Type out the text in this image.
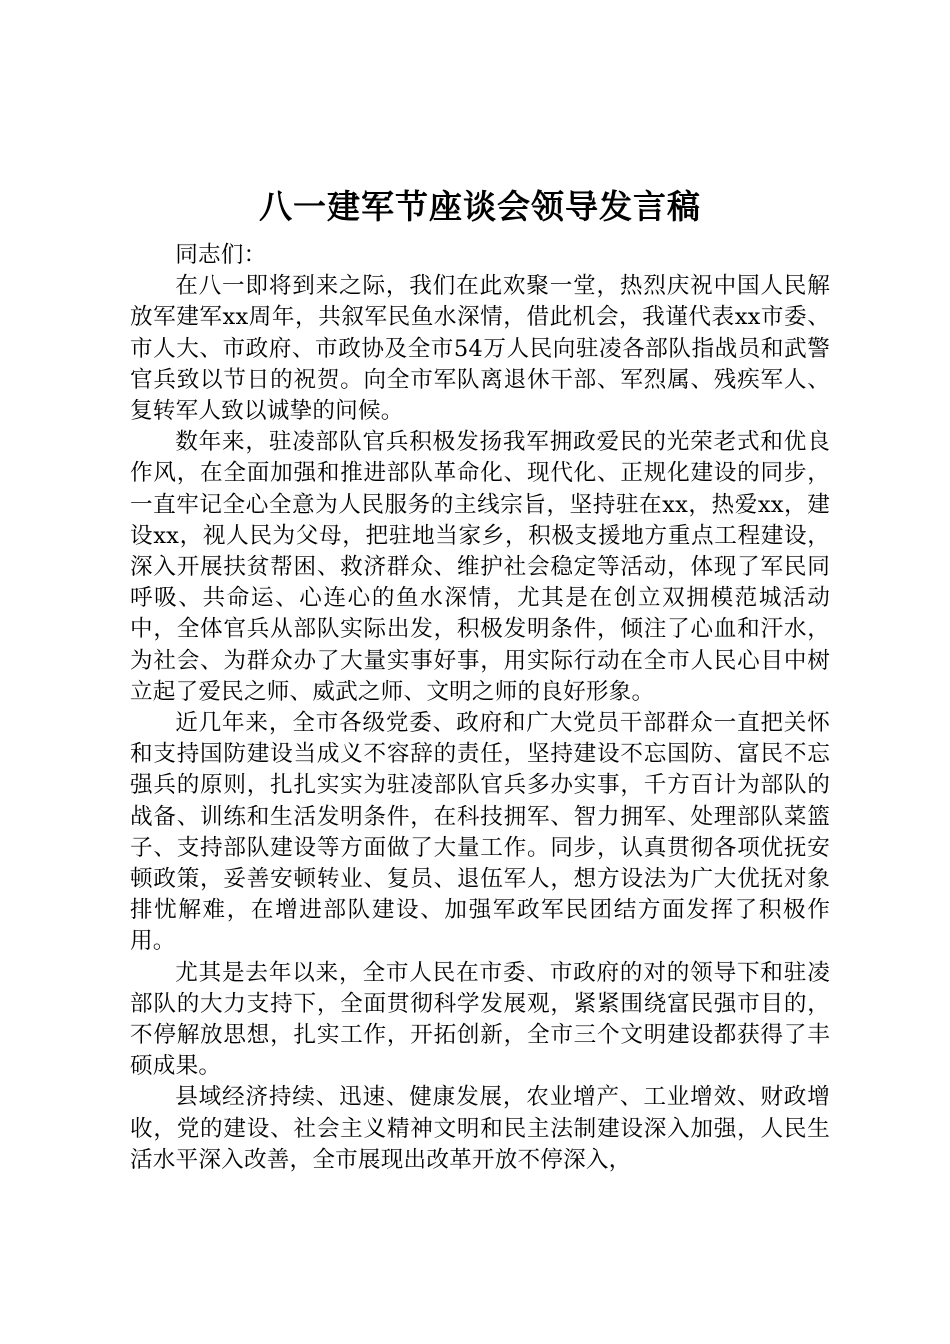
八一建军节座谈会领导发言稿

同志们：

在八一即将到来之际，我们在此欢聚一堂，热烈庆祝中国人民解放军建军xx周年，共叙军民鱼水深情，借此机会，我谨代表xx市委、市人大、市政府、市政协及全市54万人民向驻凌各部队指战员和武警官兵致以节日的祝贺。向全市军队离退休干部、军烈属、残疾军人、复转军人致以诚挚的问候。

数年来，驻凌部队官兵积极发扬我军拥政爱民的光荣老式和优良作风，在全面加强和推进部队革命化、现代化、正规化建设的同步，一直牢记全心全意为人民服务的主线宗旨，坚持驻在xx，热爱xx，建设xx，视人民为父母，把驻地当家乡，积极支援地方重点工程建设，深入开展扶贫帮困、救济群众、维护社会稳定等活动，体现了军民同呼吸、共命运、心连心的鱼水深情，尤其是在创立双拥模范城活动中，全体官兵从部队实际出发，积极发明条件，倾注了心血和汗水，为社会、为群众办了大量实事好事，用实际行动在全市人民心目中树立起了爱民之师、威武之师、文明之师的良好形象。

近几年来，全市各级党委、政府和广大党员干部群众一直把关怀和支持国防建设当成义不容辞的责任，坚持建设不忘国防、富民不忘强兵的原则，扎扎实实为驻凌部队官兵多办实事，千方百计为部队的战备、训练和生活发明条件，在科技拥军、智力拥军、处理部队菜篮子、支持部队建设等方面做了大量工作。同步，认真贯彻各项优抚安顿政策，妥善安顿转业、复员、退伍军人，想方设法为广大优抚对象排忧解难，在增进部队建设、加强军政军民团结方面发挥了积极作用。

尤其是去年以来，全市人民在市委、市政府的对的领导下和驻凌部队的大力支持下，全面贯彻科学发展观，紧紧围绕富民强市目的，不停解放思想，扎实工作，开拓创新，全市三个文明建设都获得了丰硕成果。

县域经济持续、迅速、健康发展，农业增产、工业增效、财政增收，党的建设、社会主义精神文明和民主法制建设深入加强，人民生活水平深入改善，全市展现出改革开放不停深入，
